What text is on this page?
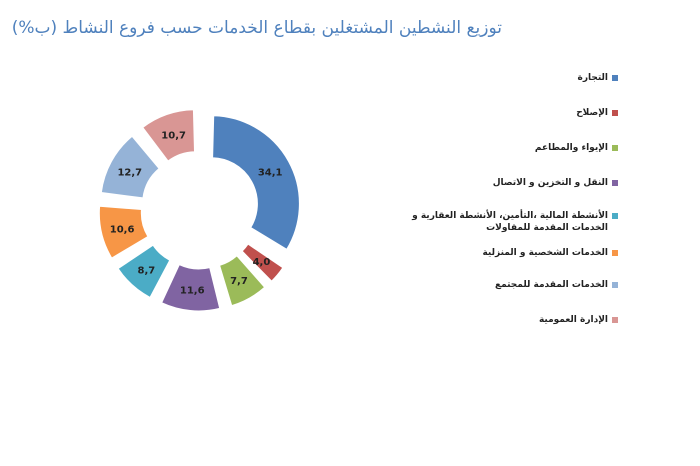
توزيع النشطين المشتغلين بقطاع الخدمات حسب فروع النشاط (ب%)
34,1
4,0
7,7
11,6
8,7
10,6
12,7
10,7
التجارة
الإصلاح
الإيواء والمطاعم
النقل و التخزين و الاتصال
الأنشطة المالية ،التأمين، الأنشطة العقارية و الخدمات المقدمة للمقاولات
الخدمات الشخصية و المنزلية
الخدمات المقدمة للمجتمع
الإدارة العمومية
